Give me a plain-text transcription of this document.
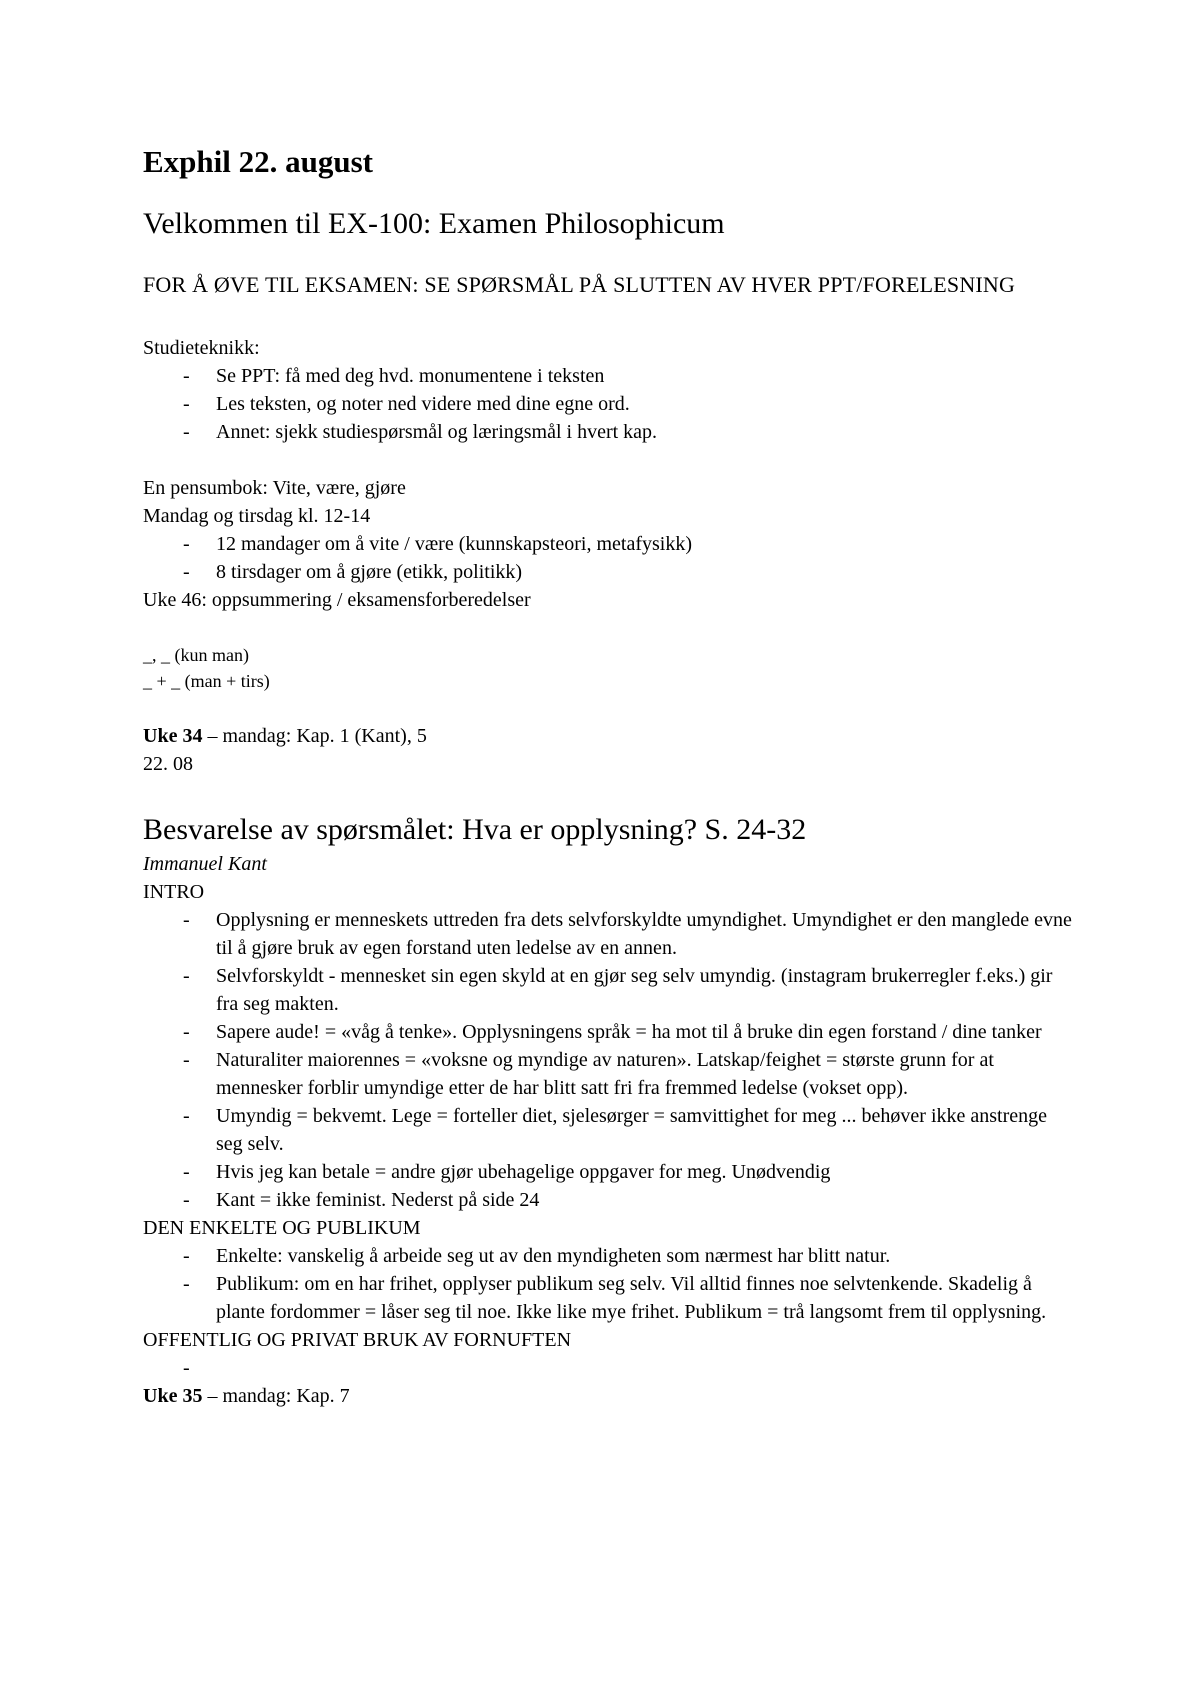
Exphil 22. august
Velkommen til EX-100: Examen Philosophicum

FOR Å ØVE TIL EKSAMEN: SE SPØRSMÅL PÅ SLUTTEN AV HVER PPT/FORELESNING

Studieteknikk:
- Se PPT: få med deg hvd. monumentene i teksten
- Les teksten, og noter ned videre med dine egne ord.
- Annet: sjekk studiespørsmål og læringsmål i hvert kap.
En pensumbok: Vite, være, gjøre
Mandag og tirsdag kl. 12-14
- 12 mandager om å vite / være (kunnskapsteori, metafysikk)
- 8 tirsdager om å gjøre (etikk, politikk)
Uke 46: oppsummering / eksamensforberedelser
_, _ (kun man)
_ + _ (man + tirs)
Uke 34 – mandag: Kap. 1 (Kant), 5
22. 08
Besvarelse av spørsmålet: Hva er opplysning? S. 24-32
Immanuel Kant
INTRO
- Opplysning er menneskets uttreden fra dets selvforskyldte umyndighet. Umyndighet er den manglede evne til å gjøre bruk av egen forstand uten ledelse av en annen.
- Selvforskyldt - mennesket sin egen skyld at en gjør seg selv umyndig. (instagram brukerregler f.eks.) gir fra seg makten.
- Sapere aude! = «våg å tenke». Opplysningens språk = ha mot til å bruke din egen forstand / dine tanker
- Naturaliter maiorennes = «voksne og myndige av naturen». Latskap/feighet = største grunn for at mennesker forblir umyndige etter de har blitt satt fri fra fremmed ledelse (vokset opp).
- Umyndig = bekvemt. Lege = forteller diet, sjelesørger = samvittighet for meg ... behøver ikke anstrenge seg selv.
- Hvis jeg kan betale = andre gjør ubehagelige oppgaver for meg. Unødvendig
- Kant = ikke feminist. Nederst på side 24
DEN ENKELTE OG PUBLIKUM
- Enkelte: vanskelig å arbeide seg ut av den myndigheten som nærmest har blitt natur.
- Publikum: om en har frihet, opplyser publikum seg selv. Vil alltid finnes noe selvtenkende. Skadelig å plante fordommer = låser seg til noe. Ikke like mye frihet. Publikum = trå langsomt frem til opplysning.
OFFENTLIG OG PRIVAT BRUK AV FORNUFTEN
-

Uke 35 – mandag: Kap. 7
